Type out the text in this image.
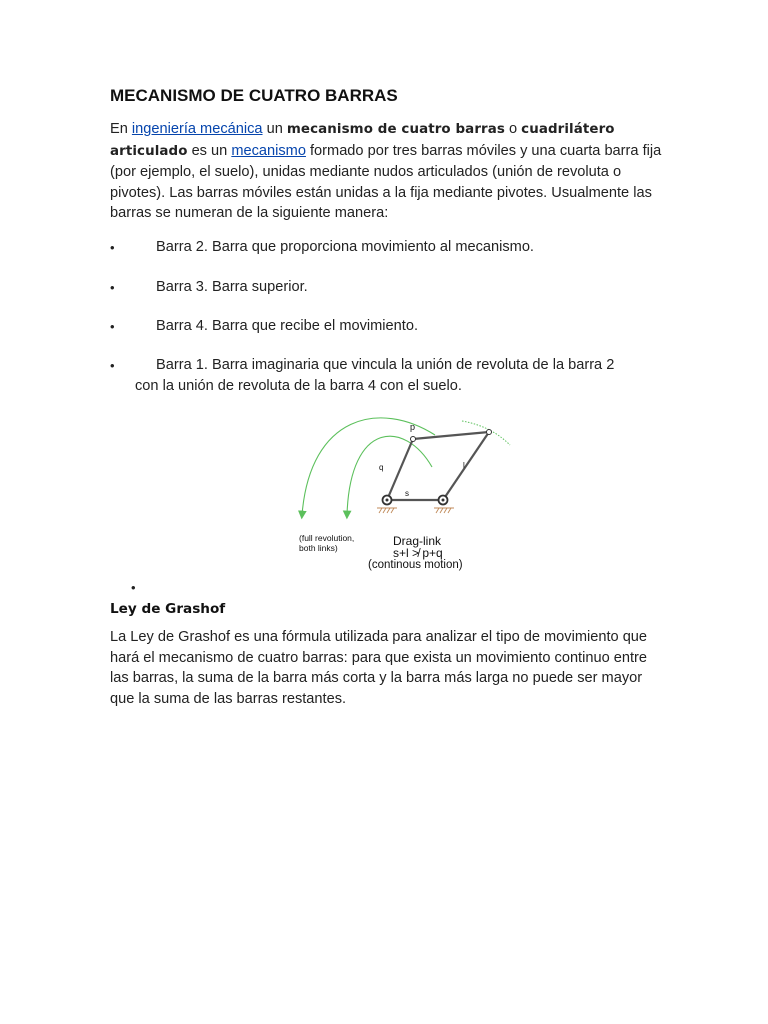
MECANISMO DE CUATRO BARRAS

En ingeniería mecánica un mecanismo de cuatro barras o cuadrilátero articulado es un mecanismo formado por tres barras móviles y una cuarta barra fija (por ejemplo, el suelo), unidas mediante nudos articulados (unión de revoluta o pivotes). Las barras móviles están unidas a la fija mediante pivotes. Usualmente las barras se numeran de la siguiente manera:

•	Barra 2. Barra que proporciona movimiento al mecanismo.
•	Barra 3. Barra superior.
•	Barra 4. Barra que recibe el movimiento.
•	Barra 1. Barra imaginaria que vincula la unión de revoluta de la barra 2
con la unión de revoluta de la barra 4 con el suelo.
p
q	l
s
(full revolution,
both links)	Drag-link
s+l ≯ p+q
(continous motion)
•
Ley de Grashof

La Ley de Grashof es una fórmula utilizada para analizar el tipo de movimiento que hará el mecanismo de cuatro barras: para que exista un movimiento continuo entre las barras, la suma de la barra más corta y la barra más larga no puede ser mayor que la suma de las barras restantes.
